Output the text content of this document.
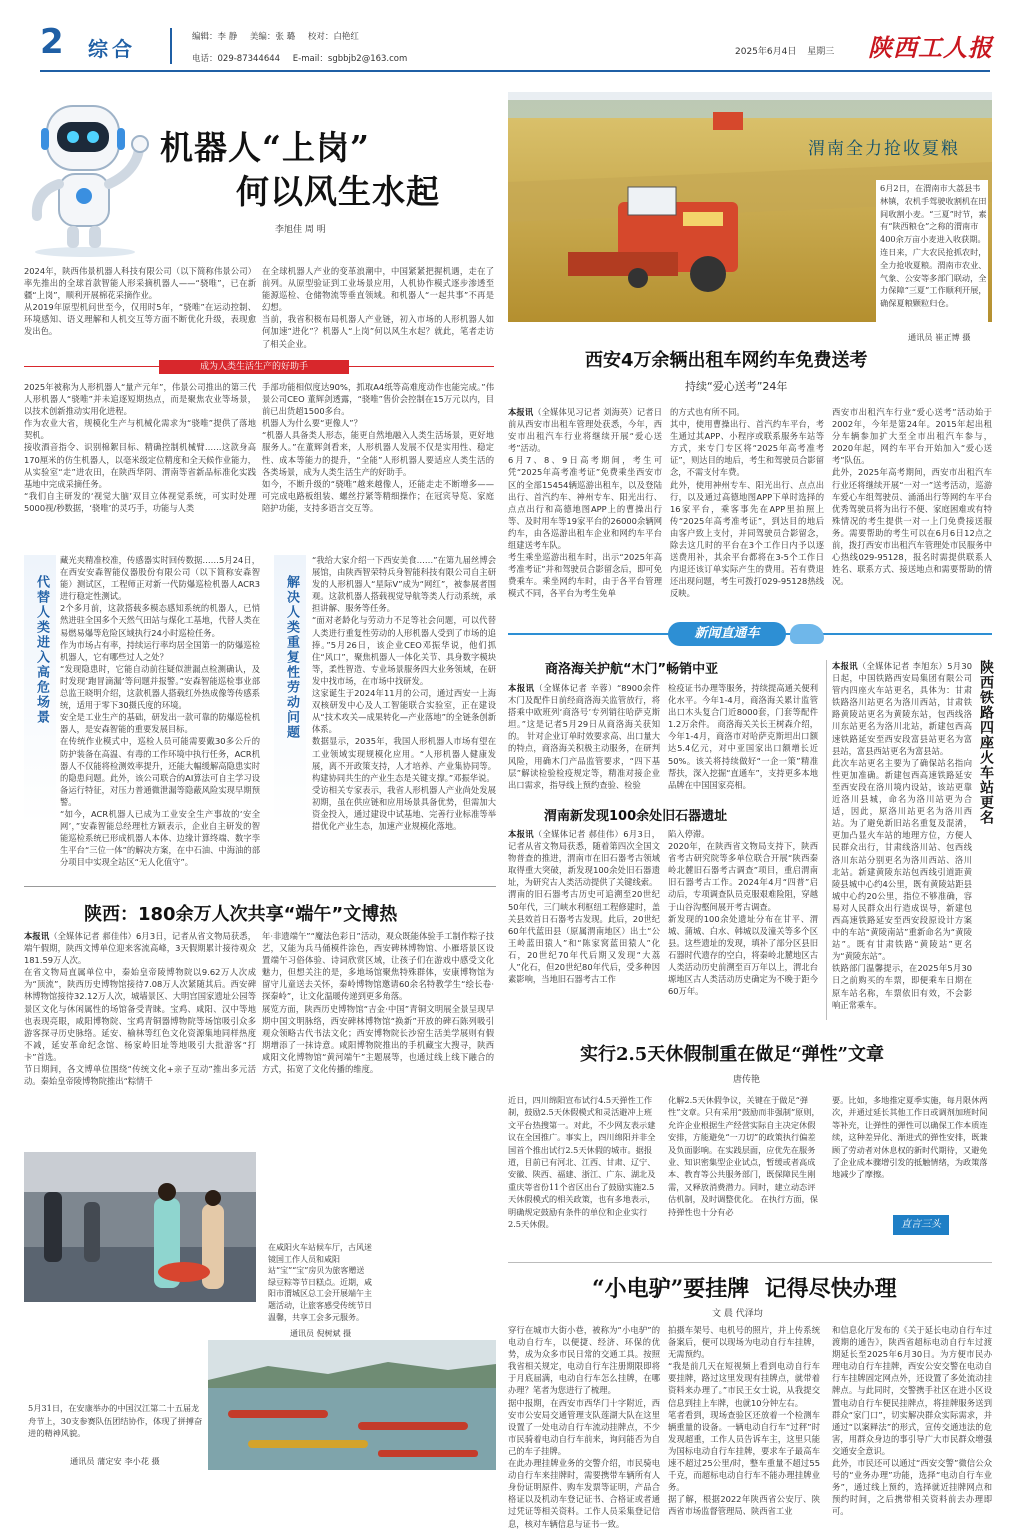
2 综合	编辑：李 静 美编：张 璐 校对：白艳红
电话：029-87344644 E-mail：sgbbjb2@163.com
2025年6月4日 星期三 陕西工人报
机器人“上岗”
何以风生水起
李旭佳 周 明
2024年，陕西伟景机器人科技有限公司（以下简称伟景公司）率先推出的全球首款智能人形采摘机器人——“骁唯”，已在新疆“上岗”，顺利开展棉花采摘作业。
从2019年原型机问世至今，仅用时5年，“骁唯”在运动控制、环境感知、语义理解和人机交互等方面不断优化升级，表现愈发出色。
在全球机器人产业的变革浪潮中，中国紧紧把握机遇，走在了前列。从原型验证到工业场景应用，人机协作模式逐步渗透至能源巡检、仓储物流等垂直领域。和机器人“一起共事”不再是幻想。
当前，我省积极布局机器人产业链，初入市场的人形机器人如何加速“进化”？机器人“上岗”何以风生水起？就此，笔者走访了相关企业。
成为人类生活生产的好助手
2025年被称为人形机器人“量产元年”，伟景公司推出的第三代人形机器人“骁唯”并未追逐短期热点，而是聚焦农业等场景，以技术创新推动实用化进程。
作为农业大省，规模化生产与机械化需求为“骁唯”提供了落地契机。
接收酒音指令、识别棉絮目标、精确控制机械臂……这款身高170厘米的仿生机器人，以毫米级定位精度和全天候作业能力，从实验室“走”进农田，在陕西华阴、渭南等省新品标准化实践基地中完成采摘任务。
“我们自主研发的‘视觉大脑’双目立体视觉系统，可实时处理5000视/秒数据，‘骁唯’的灵巧手，功能与人类
手部功能相似度达90%，抓取A4纸等高难度动作也能完成。”伟景公司CEO 董辉剑透露，“骁唯”售价会控制在15万元以内，目前已出货超1500多台。
机器人为什么要“更像人”？
“机器人具备类人形态，能更自然地融入人类生活场景，更好地服务人。”在董辉剑看来，人形机器人发展不仅是实用性、稳定性、成本等能力的提升，“全能”人形机器人要适应人类生活的各类场景，成为人类生活生产的好助手。
如今，不断升级的“骁唯”越来越像人，还能走走不断增多——可完成电路板组装、螺丝拧紧等精细操作；在冠宾导览、家庭陪护功能，支持多语言交互等。
代替人类进入高危场景
藏光夹精准校准，传感器实时回传数据……5月24日，在西安安森智能仪器股份有限公司（以下简称安森智能）测试区，工程师正对新一代防爆巡检机器人ACR3进行稳定性测试。
2个多月前，这款搭载多模态感知系统的机器人，已悄然进驻全国多个天然气田站与煤化工基地，代替人类在易燃易爆等危险区域执行24小时巡检任务。
作为市场占有率，持续运行率均居全国第一的防爆巡检机器人，它有哪些过人之处？
“发现隐患时，它能自动前往疑似泄漏点检测确认，及时发现‘跑冒滴漏’等问题并报警。”安森智能巡检事业部总监王晓明介绍，这款机器人搭载红外热成像等传感系统，适用于零下30摄氏度的环境。
安全是工业生产的基础，研发出一款可靠的防爆巡检机器人，是安森智能的重要发展目标。
在传统作业模式中，巡检人员可能需要戴30多公斤的防护装备在高温、有毒的工作环境中执行任务，ACR机器人不仅能将检测效率提升，还能大幅缓解高隐患实时的隐患问题。此外，该公司联合的AI算法可自主学习设备运行特征，对压力普通微泄漏等隐蔽风险实现早期预警。
“如今，ACR机器人已成为工业安全生产事故的‘安全网’，”安森智能总经理杜方颖表示，企业自主研发的智能巡检系统已形成机器人本体、边缘计算终端、数字孪生平台“三位一体”的解决方案，在中石油、中海油的部分项目中实现全站区“无人化值守”。
解决人类重复性劳动问题
“我给大家介绍一下西安美食……”在第九届丝博会展馆，由陕西智荣特兵身智能科技有限公司自主研发的人形机器人“星际V”成为“网红”，被参展者围观。这款机器人搭载视觉导航等类人行动系统，承担讲解、服务等任务。
“面对老龄化与劳动力不足等社会问题，可以代替人类进行重复性劳动的人形机器人受到了市场的追捧。”5月26日，该企业CEO邓振华说，他们抓住“风口”，聚焦机器人一体化关节、具身数字模块等，柔性智造、专业场景服务四大业务领域，在研发中找市场，在市场中找研发。
这家诞生于2024年11月的公司，通过西安一上海双核研发中心及人工智能联合实验室，正在建设从“技术攻关—成果转化—产业落地”的全链条创新体系。
数据显示，2035年，我国人形机器人市场有望在工业领域实现规模化应用。“人形机器人健康发展，离不开政策支持，人才培养、产业集协同等。构建协同共生的产业生态是关键支撑。”邓振华说。
受访相关专家表示，我省人形机器人产业尚处发展初期，虽在供应链和应用场景具备优势，但需加大资金投入，通过建设中试基地、完善行业标准等举措优化产业生态，加速产业规模化落地。
渭南全力抢收夏粮
6月2日，在渭南市大荔县韦林镇，农机手驾驶收割机在田间收割小麦。“三夏”时节，素有“陕西粮仓”之称的渭南市400余万亩小麦进入收获期。连日来，广大农民抢抓农时，全力抢收夏粮。渭南市农业、气象、公安等多部门联动，全力保障“三夏”工作顺利开展，确保夏粮颗粒归仓。
通讯员 崔正博 摄
西安4万余辆出租车网约车免费送考
持续“爱心送考”24年
本报讯（全媒体见习记者 刘海英）记者日前从西安市出租车管理处获悉，今年，西安市出租汽车行业将继续开展“爱心送考”活动。
6月7、8、9日高考期间，考生可凭“2025年高考准考证”免费乘坐西安市区的全部15454辆巡游出租车，以及登陆出行、首汽约车、神州专车、阳光出行、点点出行和高德地图APP上的曹操出行等、及时用车等19家平台的26000余辆网约车，由各巡游出租车企业和网约车平台组建送考车队。
考生乘坐巡游出租车时，出示“2025年高考准考证”并和驾驶员合影留念后，即可免费乘车。乘坐网约车时，由于各平台管理模式不同，各平台为考生免单
的方式也有所不同。
其中，使用曹操出行、首汽约车平台，考生通过其APP、小程序或联系服务车站等方式，来专门专区将“2025年高考准考证”，则达目的地后，考生和驾驶员合影留念，不需支付车费。
此外，使用神州专车、阳光出行、点点出行，以及通过高德地图APP下单时选择的16家平台，乘客事先在APP里拍照上传“2025年高考准考证”，到达目的地后由客户致上支付，并同驾驶员合影留念，除去这几时的平台在3个工作日内予以逐送费用补，其余平台都将在3-5个工作日内退还该订单实际产生的费用。若有费退还出现问题，考生可拨打029-95128热线反映。
西安市出租汽车行业“爱心送考”活动始于2002年，今年是第24年。2015年起出租分车辆参加扩大至全市出租汽车参与，2020年起，网约车平台开始加入“爱心送考”队伍。
此外，2025年高考期间，西安市出租汽车行业还将继续开展“一对一”送考活动，巡游车爱心车组驾驶员、涌涌出行等网约车平台优秀驾驶员将为出行不便、家庭困难或有特殊情况的考生提供一对一上门免费接送服务。需要帮助的考生可以在6月6日12点之前，拨打西安市出租汽车管理处市民服务中心热线029-95128，报名时需提供联系人姓名、联系方式、接送地点和需要帮助的情况。
新闻直通车
商洛海关护航“木门”畅销中亚
本报讯（全媒体记者 辛蓉）“8900余件木门及配件日前经商洛海关监管放行，将搭乘中欧班列‘商洛号’专列销往哈萨克斯坦。”这是记者5月29日从商洛海关获知的。 针对企业订单时效要求高、出口量大的特点，商洛海关积极主动服务，在研判风险，用确木门产品监管要求，“四下基层”解读检验检疫规定等，精准对接企业出口需求，指导线上预约查验、检验
检疫证书办理等服务，持续提高通关便利化水平。今年1-4月，商洛海关累计监管出口木头复合门近8000套，门套等配件1.2万余件。 商洛海关关长王树森介绍，今年1-4月，商洛市对哈萨克斯坦出口额达5.4亿元，对中亚国家出口额增长近50%。该关将持续做好“一企一策”精准帮扶，深入挖掘“直通车”，支持更多本地品牌在中国国家亮相。
渭南新发现100余处旧石器遗址
本报讯（全媒体记者 郝佳伟）6月3日，记者从省文物局获悉，随着第四次全国文物普查的推进，渭南市在旧石器考古领域取得重大突破，新发现100余处旧石器遗址，为研究古人类活动提供了关键线索。
渭南的旧石器考古历史可追溯至20世纪50年代，三门峡水利枢纽工程修建时，盖关县效首日石器考古发现。此后，20世纪60年代蓝田县（原属渭南地区）出土“公王岭蓝田猿人”和“陈家窝蓝田猿人”化石，20世纪70年代后期又发现“大荔人”化石，但20世纪80年代后，受多种因素影响，当地旧石器考古工作
陷入停滞。
2020年，在陕西省文物局支持下，陕西省考古研究院等多单位联合开展“陕西秦岭北麓旧石器考古调查”项目，重启渭南旧石器考古工作。2024年4月“四普”启动后，专项调查队员克服艰难险阻，穿越于山谷沟壑间展开考古调查。
新发现的100余处遗址分布在甘平、渭城、蒲城、白水、韩城以及潼关等多个区县。这些遗址的发现，填补了部分区县旧石器时代遗存的空白，将秦岭北麓地区古人类活动历史前溯至百万年以上，渭北台塬地区古人类活动历史确定为不晚于距今60万年。
本报讯（全媒体记者 李旭东）5月30日起，中国铁路西安局集团有限公司管内四座火车站更名，具体为：甘肃铁路洛川站更名为洛川西站，甘肃铁路黄陵站更名为黄陵东站，包西线洛川东站更名为洛川北站，新建包西高速铁路延安至西安段富县站更名为富县站，富县西站更名为富县站。
此次车站更名主要为了确保站名指向性更加准确。新建包西高速铁路延安至西安段在洛川境内设站，该站更靠近洛川县城，命名为洛川站更为合适，因此，原洛川站更名为洛川西站。为了避免新旧站名重复及混淆，更加凸显火车站的地理方位，方便人民群众出行，甘肃线洛川站、包西线洛川东站分别更名为洛川西站、洛川北站。新建黄陵东站包西线引道距黄陵县城中心约4公里，既有黄陵站距县城中心约20公里，指位不够准确，容易对人民群众出行造成误导，新建包西高速铁路延安至西安段原设计方案中的车站“黄陵南站”重新命名为“黄陵站”。既有甘肃铁路“黄陵站”更名为“黄陵东站”。
铁路部门温馨提示，在2025年5月30日之前购买的车票，即便乘车日期在原车站名称，车票依旧有效，不会影响正常乘车。
陕西铁路四座火车站更名
陕西：180余万人次共享“端午”文博热
本报讯（全媒体记者 郝佳伟）6月3日，记者从省文物局获悉，端午假期，陕西文博单位迎来客流高峰，3天假期累计接待观众181.59万人次。
在省文物局直属单位中，秦始皇帝陵博物院以9.62万人次成为“顶流”，陕西历史博物馆接待7.08万人次紧随其后。西安碑林博物馆接待32.12万人次，城墙景区、大明宫国家遗址公园等景区文化与休闲属性的场馆备受青睐。宝鸡、咸阳、汉中等地也表现亮眼，咸阳博物院、宝鸡青铜器博物院等场馆吸引众多游客探寻历史脉络。延安、榆林等红色文化资源集地同样热度不减，延安革命纪念馆、杨家岭旧址等地吸引大批游客“打卡”首选。
节日期间，各文博单位围绕“传统文化+亲子互动”推出多元活动。秦始皇帝陵博物院推出“粽情千
年·非遗端午”“魔法色彩日”活动，观众既能体验手工制作粽子技艺，又能为兵马俑模件涂色，西安碑林博物馆、小雁塔景区设置端午习俗体验、诗词欣赏区域，让孩子们在游戏中感受文化魅力，但想关注的是，多地场馆聚焦特殊群体，安康博物馆为留守儿童送去关怀，秦岭博物馆邀请60余名特教学生“绘长卷·探秦岭”，让文化温暖传递到更多角落。
展览方面，陕西历史博物馆“吉金·中国”青铜文明展全景呈现早期中国文明脉络，西安碑林博物馆“换新”开放的碑石陈列吸引观众领略古代书法文化；西安博物院长沙窑生活美学展则有假期增添了一抹诗意。咸阳博物院推出的手机藏宝大搜寻，陕西咸阳文化博物馆“黄河端午”主题展等，也通过线上线下融合的方式，拓宽了文化传播的维度。
在咸阳火车站候车厅，古风迷镜国工作人员和咸阳站“宝”“宝”房贝为旅客赠送绿豆粽等节日糕点。近期，咸阳市渭城区总工会开展端午主题活动，让旅客感受传统节日温馨，共享工会多元服务。
通讯员 倪树斌 摄
5月31日，在安康举办的中国汉江第二十五届龙舟节上，30支参赛队伍团结协作，体现了拼搏奋进的精神风貌。
通讯员 蒲定安 李小花 摄
实行2.5天休假制重在做足“弹性”文章
唐传艳
近日，四川绵阳宣布试行4.5天弹性工作制，鼓励2.5天休假模式和灵活避冲上班文平台热搜第一。对此，不少网友表示建议在全国推广。事实上，四川绵阳并非全国首个推出试行2.5天休假的城市。据报道，目前已有河北、江西、甘肃、辽宁、安徽、陕西、福建、浙江、广东、湖北及重庆等省份11个省区出台了鼓励实施2.5天休假模式的相关政策，也有多地表示，明确规定鼓励有条件的单位和企业实行2.5天休假。
化解2.5天休假争议，关键在于做足“弹性”文章。只有采用“鼓励而非强制”原则，允许企业根据生产经营实际自主决定休假安排，方能避免“一刀切”的政策执行偏差及负面影响。在实践层面，应优先在服务业、知识密集型企业试点，暂缓或者高成本、教育等公共服务部门，既保障民生刚需，又释放消费潜力。同时，建立动态评估机制，及时调整优化。 在执行方面，保持弹性也十分有必
要。比如，多地推定夏季实施，每月限休两次，并通过延长其他工作日或调剂加班时间等补充，让弹性的弹性可以确保工作本质连续，这种差异化、渐进式的弹性安排，既兼顾了劳动者对休息权的新时代期待，又避免了企业成本骤增引发的抵触情绪，为政策落地减少了摩擦。
直言三头
“小电驴”要挂牌  记得尽快办理
文 晨 代泽均
穿行在城市大街小巷，被称为“小电驴”的电动自行车，以便捷、经济、环保的优势，成为众多市民日常的交通工具。按照我省相关规定，电动自行车注册期限即将于月底届满，电动自行车怎么挂牌，在哪办理？笔者为您进行了梳理。
据中报期，在西安市西华门十字附近，西安市公安局交通管理支队莲湖大队在这里设置了一处电动自行车流动挂牌点，不少市民骑着电动自行车前来，询问能否为自己的车子挂牌。
在此办理挂牌业务的交警介绍，市民骑电动自行车来挂牌时，需要携带车辆所有人身份证明原件、购车发票等证明，产品合格证以及机动车登记证书、合格证或者通过凭证等相关资料。工作人员采集登记信息，核对车辆信息与证书一致。
拍摄车架号、电机号的照片，并上传系统备案后，便可以现场为电动自行车挂牌，无需预约。
“我是前几天在短视频上看到电动自行车要挂牌，路过这里发现有挂牌点，就带着资料来办理了。”市民王女士说，从我提交信息到挂上车牌，也就10分钟左右。
笔者看到，现场查验区还放着一个检测车辆重量的设备。一辆电动自行车“过秤”时发现超重，工作人员告诉车主，这里只能为国标电动自行车挂牌，要求车子最高车速不超过25公里/时，整车重量不超过55千克，而超标电动自行车不能办理挂牌业务。
据了解，根据2022年陕西省公安厅、陕西省市场监督管理局、陕西省工业
和信息化厅发布的《关于延长电动自行车过渡期的通告》，陕西省超标电动自行车过渡期延长至2025年6月30日。为方便市民办理电动自行车挂牌，西安公安交警在电动自行车挂牌固定网点外，还设置了多处流动挂牌点。与此同时，交警携手社区在进小区设置电动自行车便民挂牌点，将挂牌服务送到群众“家门口”，切实解决群众实际需求，并通过“以案释法”的形式，宣传交通违法的危害，用群众身边的事引导广大市民群众增强交通安全意识。
此外，市民还可以通过“西安交警”微信公众号的“业务办理”功能，选择“电动自行车业务”，通过线上预约，选择就近挂牌网点和预约时间，之后携带相关资料前去办理即可。
